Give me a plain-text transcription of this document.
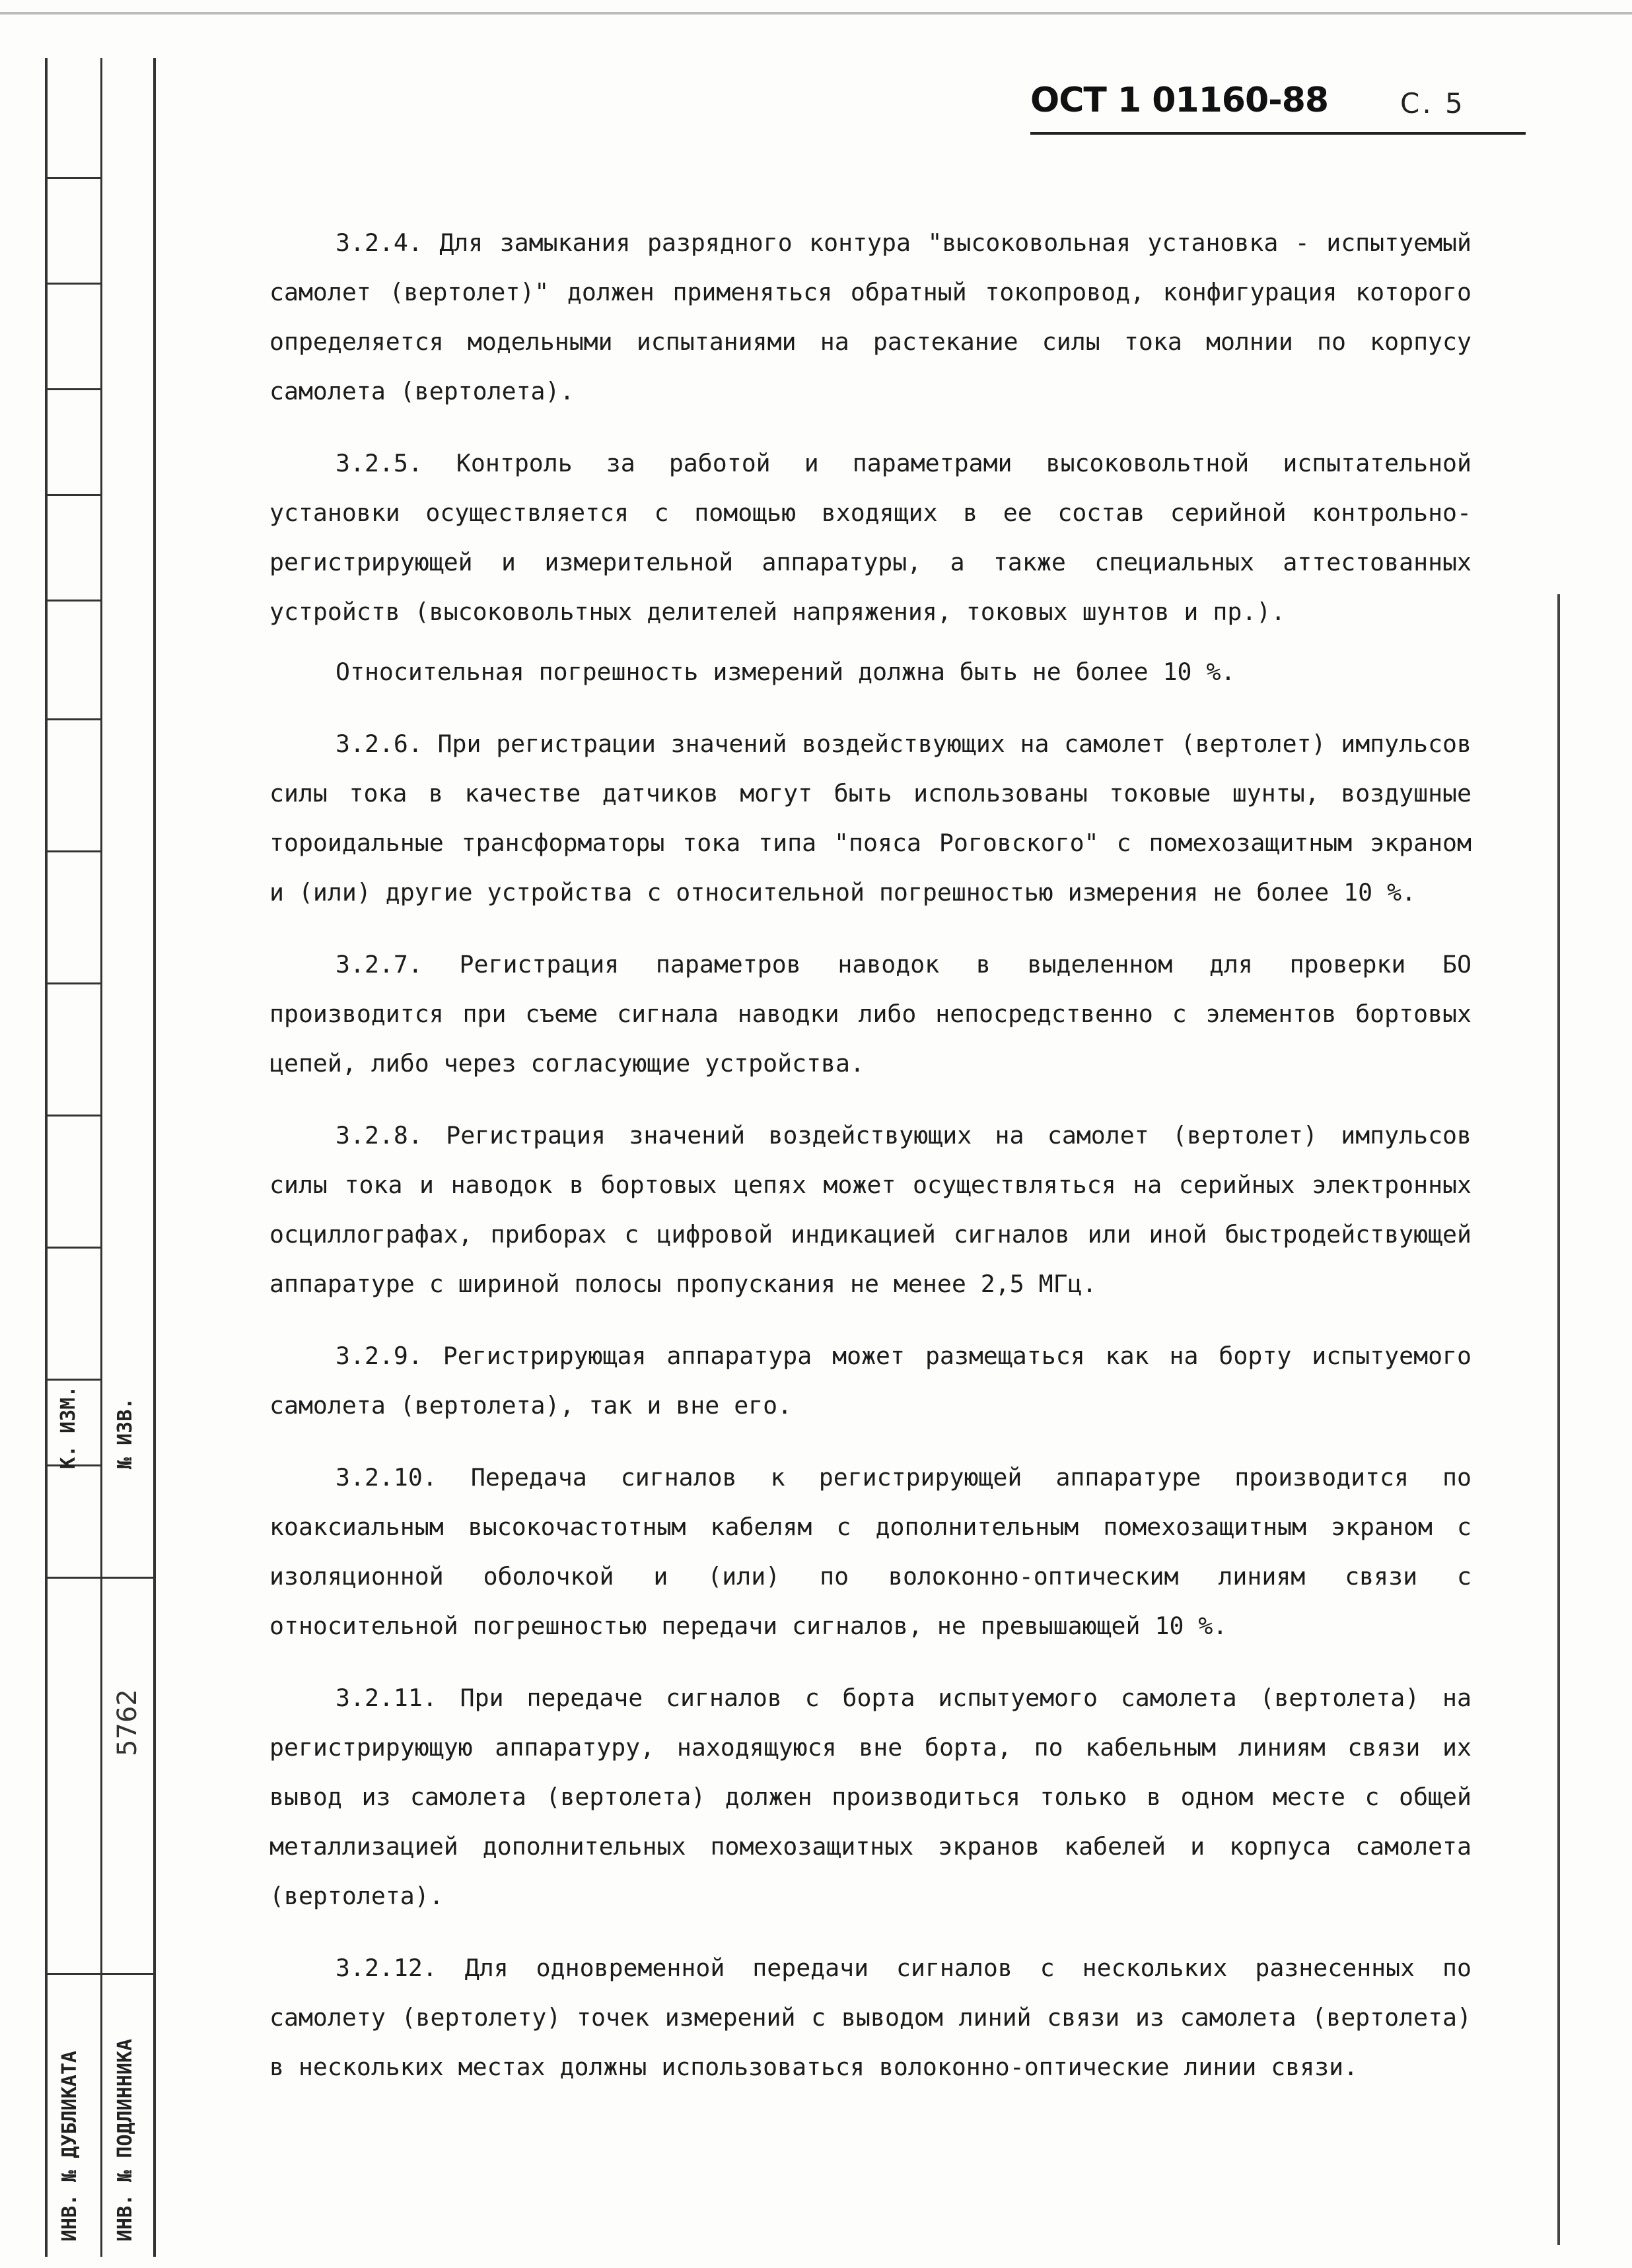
К. ИЗМ. № ИЗВ.
ИНВ. № ДУБЛИКАТА ИНВ. № ПОДЛИННИКА
5762
ОСТ 1 01160-88	С. 5

3.2.4. Для замыкания разрядного контура "высоковольная установка - испытуемый самолет (вертолет)" должен применяться обратный токопровод, конфигурация которого определяется модельными испытаниями на растекание силы тока молнии по корпусу самолета (вертолета).

3.2.5. Контроль за работой и параметрами высоковольтной испытательной установки осуществляется с помощью входящих в ее состав серийной контрольно-регистрирующей и измерительной аппаратуры, а также специальных аттестованных устройств (высоковольтных делителей напряжения, токовых шунтов и пр.).

Относительная погрешность измерений должна быть не более 10 %.

3.2.6. При регистрации значений воздействующих на самолет (вертолет) импульсов силы тока в качестве датчиков могут быть использованы токовые шунты, воздушные тороидальные трансформаторы тока типа "пояса Роговского" с помехозащитным экраном и (или) другие устройства с относительной погрешностью измерения не более 10 %.

3.2.7. Регистрация параметров наводок в выделенном для проверки БО производится при съеме сигнала наводки либо непосредственно с элементов бортовых цепей, либо через согласующие устройства.

3.2.8. Регистрация значений воздействующих на самолет (вертолет) импульсов силы тока и наводок в бортовых цепях может осуществляться на серийных электронных осциллографах, приборах с цифровой индикацией сигналов или иной быстродействующей аппаратуре с шириной полосы пропускания не менее 2,5 МГц.

3.2.9. Регистрирующая аппаратура может размещаться как на борту испытуемого самолета (вертолета), так и вне его.

3.2.10. Передача сигналов к регистрирующей аппаратуре производится по коаксиальным высокочастотным кабелям с дополнительным помехозащитным экраном с изоляционной оболочкой и (или) по волоконно-оптическим линиям связи с относительной погрешностью передачи сигналов, не превышающей 10 %.

3.2.11. При передаче сигналов с борта испытуемого самолета (вертолета) на регистрирующую аппаратуру, находящуюся вне борта, по кабельным линиям связи их вывод из самолета (вертолета) должен производиться только в одном месте с общей металлизацией дополнительных помехозащитных экранов кабелей и корпуса самолета (вертолета).

3.2.12. Для одновременной передачи сигналов с нескольких разнесенных по самолету (вертолету) точек измерений с выводом линий связи из самолета (вертолета) в нескольких местах должны использоваться волоконно-оптические линии связи.
